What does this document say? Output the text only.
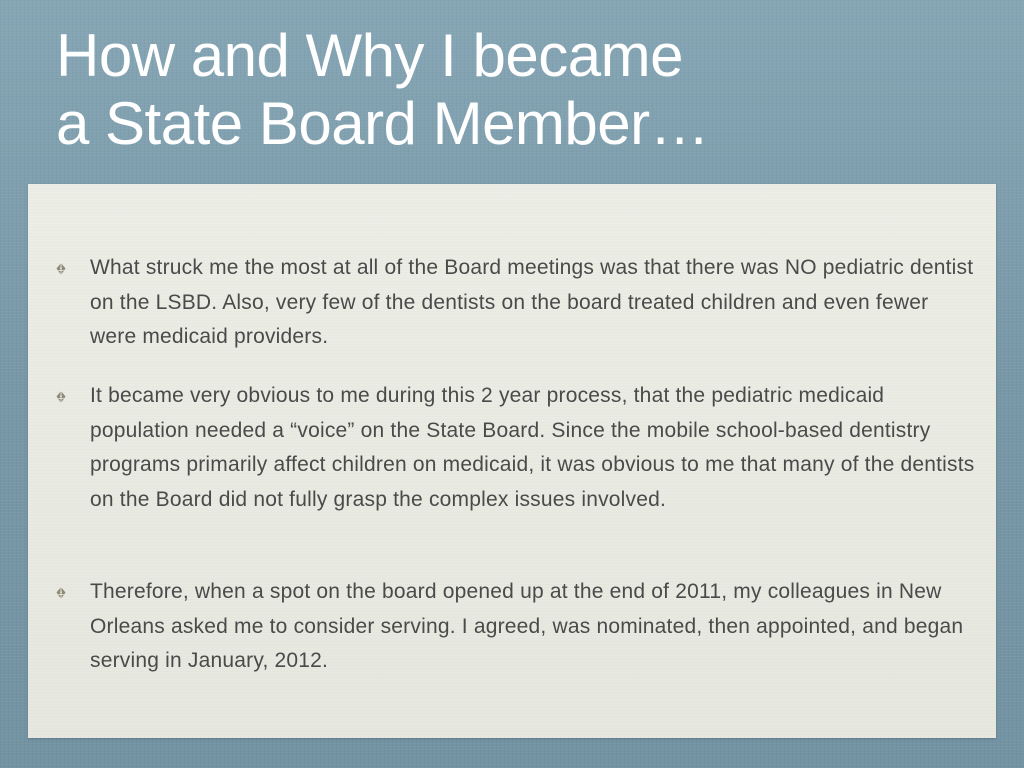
How and Why I became
a State Board Member…
What struck me the most at all of the Board meetings was that there was NO pediatric dentist on the LSBD. Also, very few of the dentists on the board treated children and even fewer were medicaid providers.
It became very obvious to me during this 2 year process, that the pediatric medicaid population needed a “voice” on the State Board. Since the mobile school-based dentistry programs primarily affect children on medicaid, it was obvious to me that many of the dentists on the Board did not fully grasp the complex issues involved.
Therefore, when a spot on the board opened up at the end of 2011, my colleagues in New Orleans asked me to consider serving. I agreed, was nominated, then appointed, and began serving in January, 2012.
